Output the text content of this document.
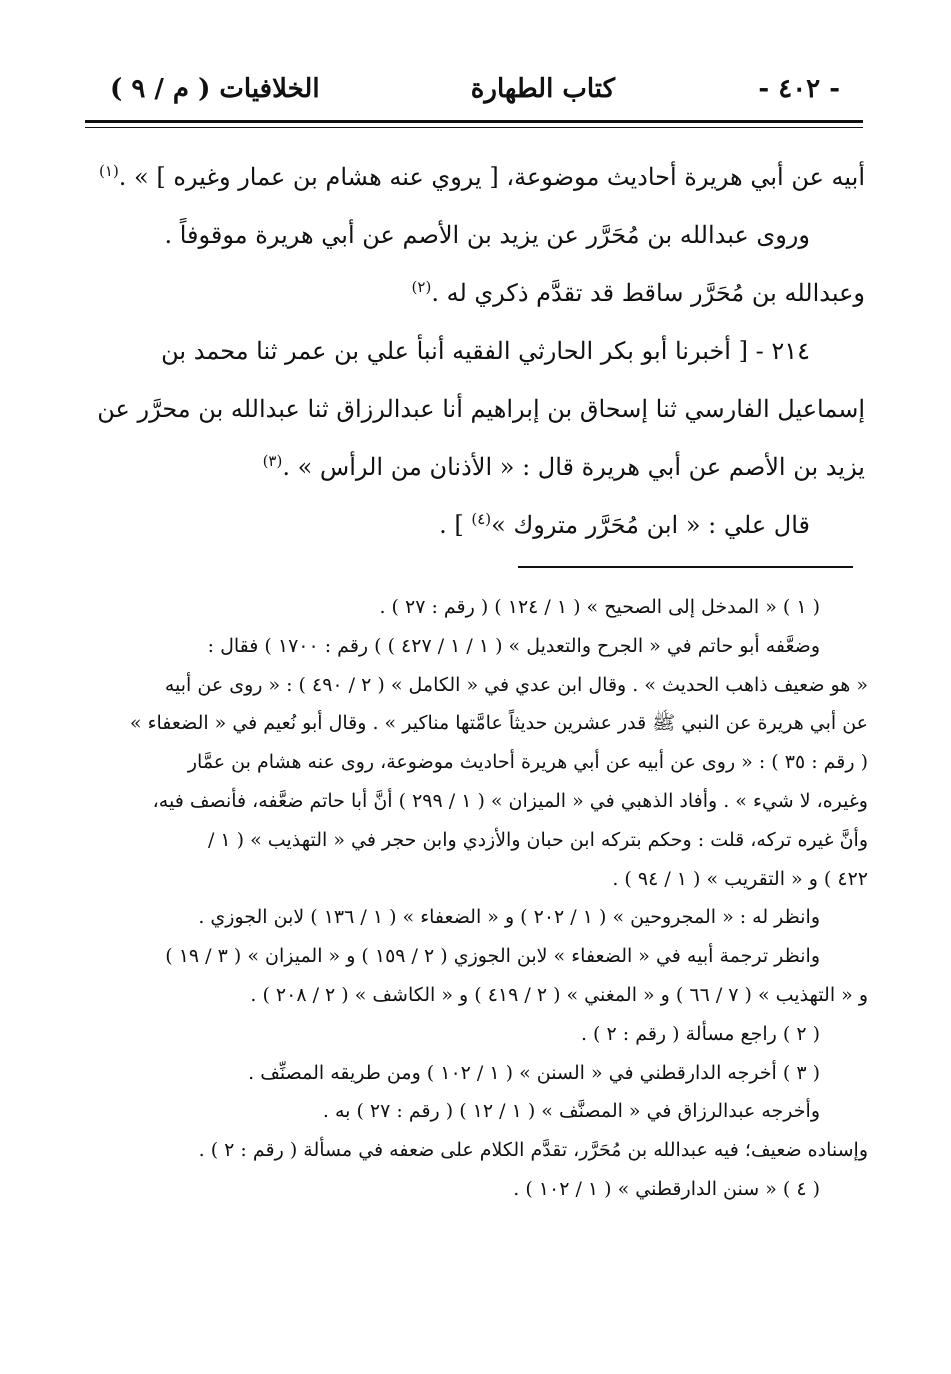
- ٤٠٢ -
كتاب الطهارة
الخلافيات ( م / ٩ )

أبيه عن أبي هريرة أحاديث موضوعة، [ يروي عنه هشام بن عمار وغيره ] » .$^{(١)}$

وروى عبدالله بن مُحَرَّر عن يزيد بن الأصم عن أبي هريرة موقوفاً .

وعبدالله بن مُحَرَّر ساقط قد تقدَّم ذكري له .$^{(٢)}$

٢١٤ - [ أخبرنا أبو بكر الحارثي الفقيه أنبأ علي بن عمر ثنا محمد بن

إسماعيل الفارسي ثنا إسحاق بن إبراهيم أنا عبدالرزاق ثنا عبدالله بن محرَّر عن

يزيد بن الأصم عن أبي هريرة قال : « الأذنان من الرأس » .$^{(٣)}$

قال علي : « ابن مُحَرَّر متروك »$^{(٤)}$ ] .

( ١ ) « المدخل إلى الصحيح » ( ١ / ١٢٤ ) ( رقم : ٢٧ ) .

وضعَّفه أبو حاتم في « الجرح والتعديل » ( ١ / ١ / ٤٢٧ ) ) رقم : ١٧٠٠ ) فقال :

« هو ضعيف ذاهب الحديث » . وقال ابن عدي في « الكامل » ( ٢ / ٤٩٠ ) : « روى عن أبيه

عن أبي هريرة عن النبي ﷺ قدر عشرين حديثاً عامَّتها مناكير » . وقال أبو نُعيم في « الضعفاء »

( رقم : ٣٥ ) : « روى عن أبيه عن أبي هريرة أحاديث موضوعة، روى عنه هشام بن عمَّار

وغيره، لا شيء » . وأفاد الذهبي في « الميزان » ( ١ / ٢٩٩ ) أنَّ أبا حاتم ضعَّفه، فأنصف فيه،

وأنَّ غيره تركه، قلت : وحكم بتركه ابن حبان والأزدي وابن حجر في « التهذيب » ( ١ /

٤٢٢ ) و « التقريب » ( ١ / ٩٤ ) .

وانظر له : « المجروحين » ( ١ / ٢٠٢ ) و « الضعفاء » ( ١ / ١٣٦ ) لابن الجوزي .

وانظر ترجمة أبيه في « الضعفاء » لابن الجوزي ( ٢ / ١٥٩ ) و « الميزان » ( ٣ / ١٩ )

و « التهذيب » ( ٧ / ٦٦ ) و « المغني » ( ٢ / ٤١٩ ) و « الكاشف » ( ٢ / ٢٠٨ ) .

( ٢ ) راجع مسألة ( رقم : ٢ ) .

( ٣ ) أخرجه الدارقطني في « السنن » ( ١ / ١٠٢ ) ومن طريقه المصنِّف .

وأخرجه عبدالرزاق في « المصنَّف » ( ١ / ١٢ ) ( رقم : ٢٧ ) به .

وإسناده ضعيف؛ فيه عبدالله بن مُحَرَّر، تقدَّم الكلام على ضعفه في مسألة ( رقم : ٢ ) .

( ٤ ) « سنن الدارقطني » ( ١ / ١٠٢ ) .
